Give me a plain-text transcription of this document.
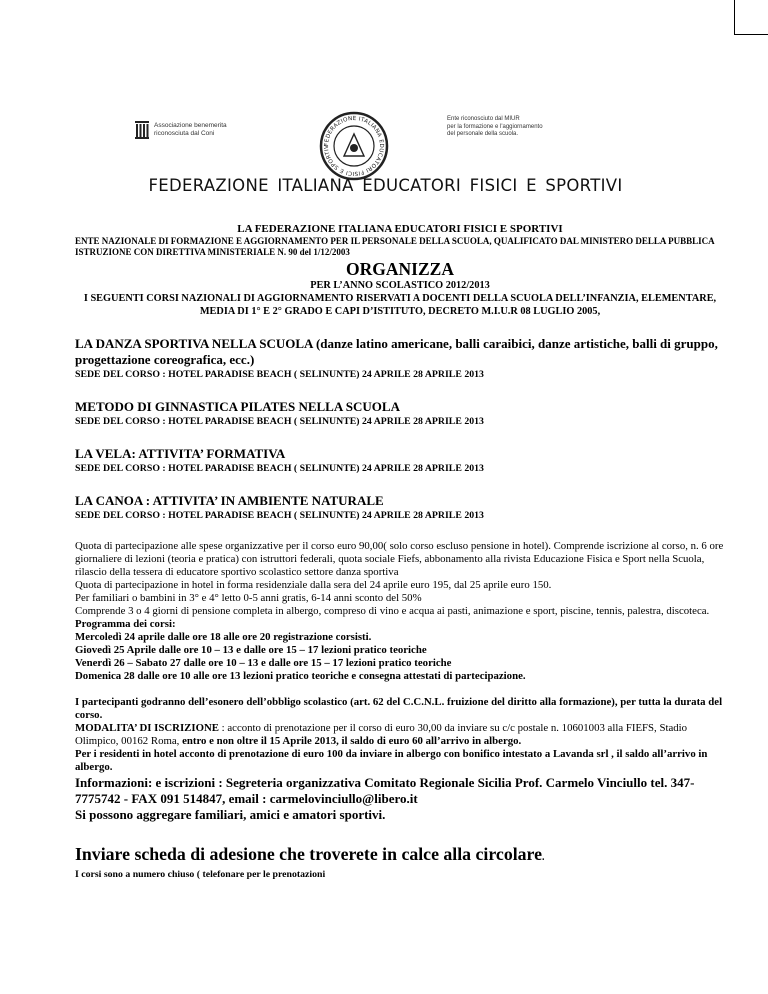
Associazione benemerita
riconosciuta dal Coni
FEDERAZIONE ITALIANA EDUCATORI FISICI E SPORTIV
Ente riconosciuto dal MIUR
per la formazione e l'aggiornamento
del personale della scuola.
FEDERAZIONE ITALIANA EDUCATORI FISICI E SPORTIVI
LA FEDERAZIONE ITALIANA EDUCATORI FISICI E SPORTIVI
ENTE NAZIONALE DI FORMAZIONE E AGGIORNAMENTO PER IL PERSONALE DELLA SCUOLA, QUALIFICATO DAL MINISTERO DELLA PUBBLICA ISTRUZIONE CON DIRETTIVA MINISTERIALE N. 90 del 1/12/2003
ORGANIZZA
PER L’ANNO SCOLASTICO 2012/2013
I SEGUENTI CORSI NAZIONALI DI AGGIORNAMENTO RISERVATI A DOCENTI DELLA SCUOLA DELL’INFANZIA, ELEMENTARE, MEDIA DI 1° E 2° GRADO E CAPI D’ISTITUTO, DECRETO M.I.U.R 08 LUGLIO 2005,
LA DANZA SPORTIVA NELLA SCUOLA (danze latino americane, balli caraibici, danze artistiche, balli di gruppo, progettazione coreografica, ecc.)
SEDE DEL CORSO : HOTEL PARADISE BEACH ( SELINUNTE) 24 APRILE 28 APRILE 2013
METODO DI GINNASTICA PILATES NELLA SCUOLA
SEDE DEL CORSO : HOTEL PARADISE BEACH ( SELINUNTE) 24 APRILE 28 APRILE 2013
LA VELA: ATTIVITA’ FORMATIVA
SEDE DEL CORSO : HOTEL PARADISE BEACH ( SELINUNTE) 24 APRILE 28 APRILE 2013
LA CANOA : ATTIVITA’ IN AMBIENTE NATURALE
SEDE DEL CORSO : HOTEL PARADISE BEACH ( SELINUNTE) 24 APRILE 28 APRILE 2013
Quota di partecipazione alle spese organizzative per il corso euro 90,00( solo corso escluso pensione in hotel). Comprende iscrizione al corso, n. 6 ore giornaliere di lezioni (teoria e pratica) con istruttori federali, quota sociale Fiefs, abbonamento alla rivista Educazione Fisica e Sport nella Scuola, rilascio della tessera di educatore sportivo scolastico settore danza sportiva
Quota di partecipazione in hotel in forma residenziale dalla sera del 24 aprile euro 195, dal 25 aprile euro 150.
Per familiari o bambini in 3° e 4° letto 0-5 anni gratis, 6-14 anni sconto del 50%
Comprende 3 o 4 giorni di pensione completa in albergo, compreso di vino e acqua ai pasti, animazione e sport, piscine, tennis, palestra, discoteca.
Programma dei corsi:
Mercoledì 24 aprile dalle ore 18 alle ore 20 registrazione corsisti.
Giovedì 25 Aprile dalle ore 10 – 13 e dalle ore 15 – 17 lezioni pratico teoriche
Venerdì 26 – Sabato 27 dalle ore 10 – 13 e dalle ore 15 – 17 lezioni pratico teoriche
Domenica 28 dalle ore 10 alle ore 13 lezioni pratico teoriche e consegna attestati di partecipazione.
I partecipanti godranno dell’esonero dell’obbligo scolastico (art. 62 del C.C.N.L. fruizione del diritto alla formazione), per tutta la durata del corso.
MODALITA’ DI ISCRIZIONE : acconto di prenotazione per il corso di euro 30,00 da inviare su c/c postale n. 10601003 alla FIEFS, Stadio Olimpico, 00162 Roma, entro e non oltre il 15 Aprile 2013, il saldo di euro 60 all’arrivo in albergo.
Per i residenti in hotel acconto di prenotazione di euro 100 da inviare in albergo con bonifico intestato a Lavanda srl , il saldo all’arrivo in albergo.
Informazioni: e iscrizioni : Segreteria organizzativa Comitato Regionale Sicilia Prof. Carmelo Vinciullo tel. 347-7775742 - FAX 091 514847, email : carmelovinciullo@libero.it
Si possono aggregare familiari, amici e amatori sportivi.
Inviare scheda di adesione che troverete in calce alla circolare.
I corsi sono a numero chiuso ( telefonare per le prenotazioni
